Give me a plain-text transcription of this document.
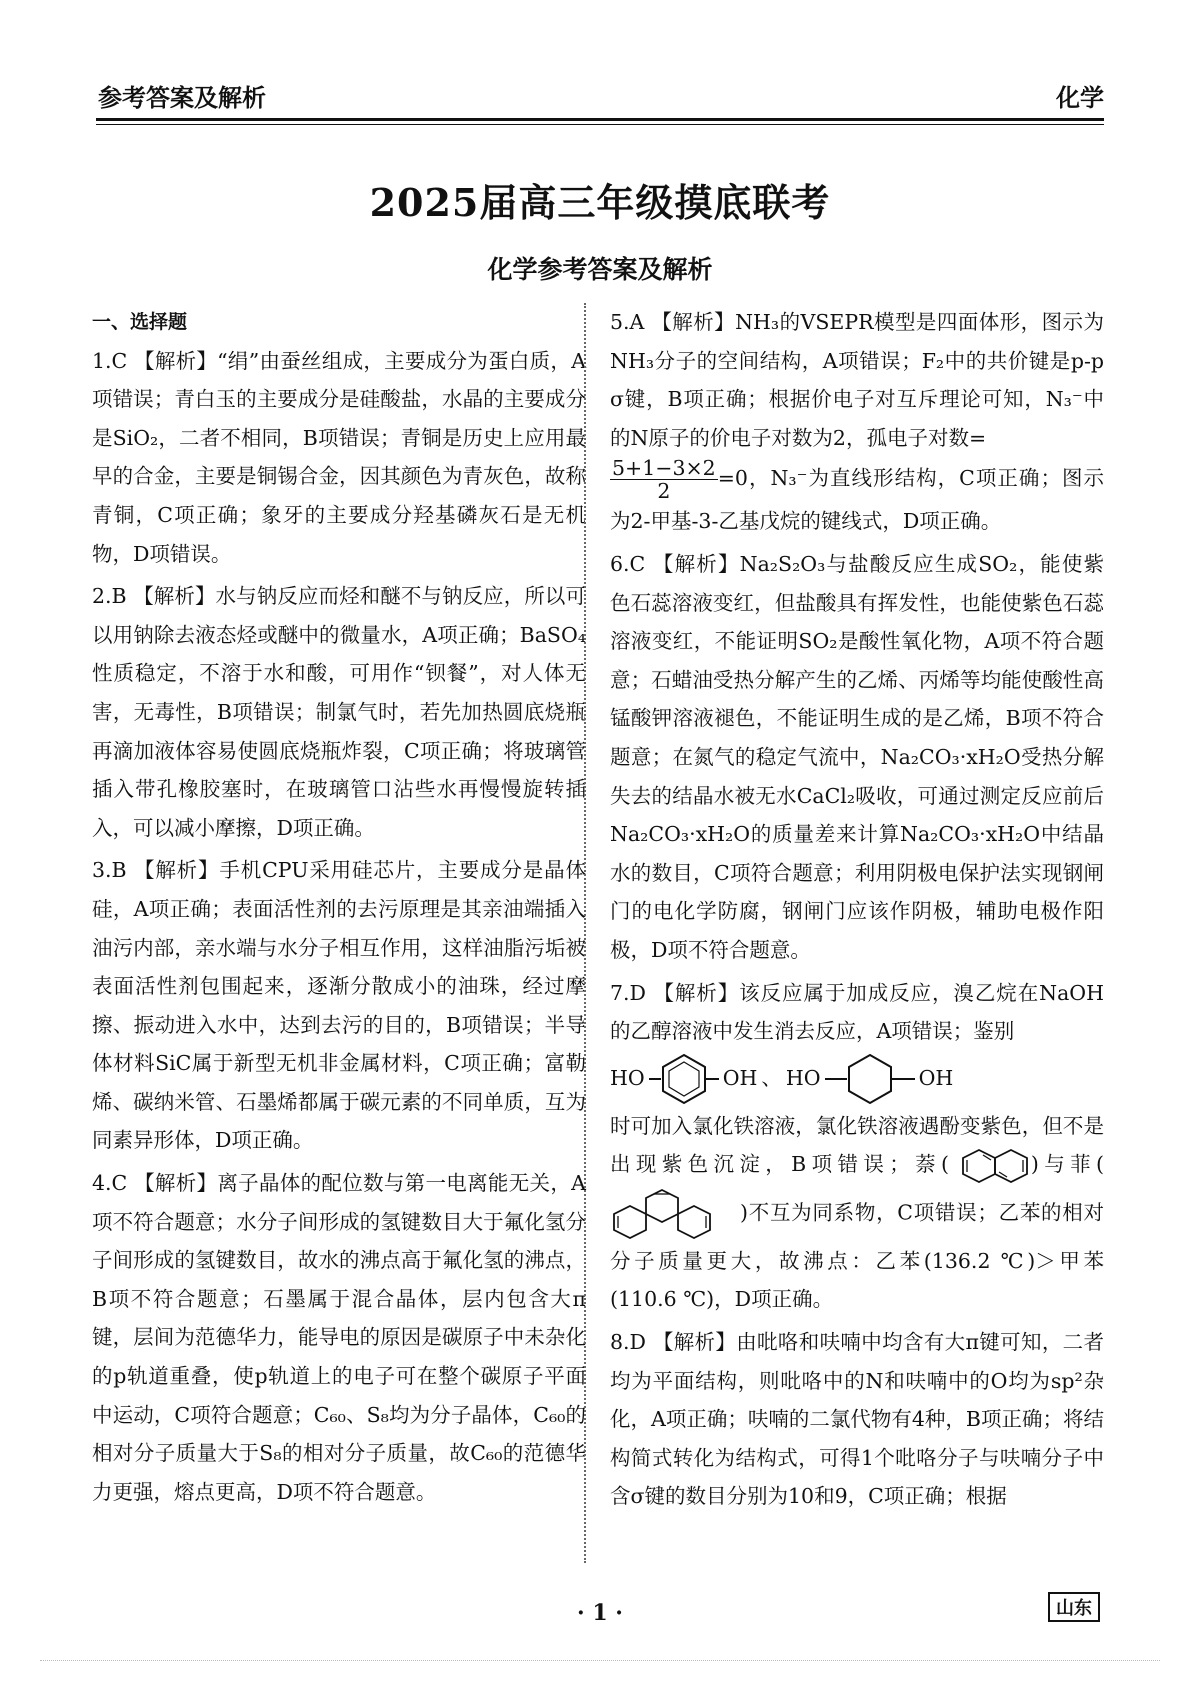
参考答案及解析	化学
2025届高三年级摸底联考
化学参考答案及解析
一、选择题

1.C 【解析】“绢”由蚕丝组成，主要成分为蛋白质，A项错误；青白玉的主要成分是硅酸盐，水晶的主要成分是SiO₂，二者不相同，B项错误；青铜是历史上应用最早的合金，主要是铜锡合金，因其颜色为青灰色，故称青铜，C项正确；象牙的主要成分羟基磷灰石是无机物，D项错误。

2.B 【解析】水与钠反应而烃和醚不与钠反应，所以可以用钠除去液态烃或醚中的微量水，A项正确；BaSO₄性质稳定，不溶于水和酸，可用作“钡餐”，对人体无害，无毒性，B项错误；制氯气时，若先加热圆底烧瓶再滴加液体容易使圆底烧瓶炸裂，C项正确；将玻璃管插入带孔橡胶塞时，在玻璃管口沾些水再慢慢旋转插入，可以减小摩擦，D项正确。

3.B 【解析】手机CPU采用硅芯片，主要成分是晶体硅，A项正确；表面活性剂的去污原理是其亲油端插入油污内部，亲水端与水分子相互作用，这样油脂污垢被表面活性剂包围起来，逐渐分散成小的油珠，经过摩擦、振动进入水中，达到去污的目的，B项错误；半导体材料SiC属于新型无机非金属材料，C项正确；富勒烯、碳纳米管、石墨烯都属于碳元素的不同单质，互为同素异形体，D项正确。

4.C 【解析】离子晶体的配位数与第一电离能无关，A项不符合题意；水分子间形成的氢键数目大于氟化氢分子间形成的氢键数目，故水的沸点高于氟化氢的沸点，B项不符合题意；石墨属于混合晶体，层内包含大π键，层间为范德华力，能导电的原因是碳原子中未杂化的p轨道重叠，使p轨道上的电子可在整个碳原子平面中运动，C项符合题意；C₆₀、S₈均为分子晶体，C₆₀的相对分子质量大于S₈的相对分子质量，故C₆₀的范德华力更强，熔点更高，D项不符合题意。

5.A 【解析】NH₃的VSEPR模型是四面体形，图示为NH₃分子的空间结构，A项错误；F₂中的共价键是p-p σ键，B项正确；根据价电子对互斥理论可知，N₃⁻中的N原子的价电子对数为2，孤电子对数=

$\frac{5+1-3\times 2}{2} =0$，N₃⁻为直线形结构，C项正确；图示为2-甲基-3-乙基戊烷的键线式，D项正确。

6.C 【解析】Na₂S₂O₃与盐酸反应生成SO₂，能使紫色石蕊溶液变红，但盐酸具有挥发性，也能使紫色石蕊溶液变红，不能证明SO₂是酸性氧化物，A项不符合题意；石蜡油受热分解产生的乙烯、丙烯等均能使酸性高锰酸钾溶液褪色，不能证明生成的是乙烯，B项不符合题意；在氮气的稳定气流中，Na₂CO₃·xH₂O受热分解失去的结晶水被无水CaCl₂吸收，可通过测定反应前后Na₂CO₃·xH₂O的质量差来计算Na₂CO₃·xH₂O中结晶水的数目，C项符合题意；利用阴极电保护法实现钢闸门的电化学防腐，钢闸门应该作阴极，辅助电极作阳极，D项不符合题意。

7.D 【解析】该反应属于加成反应，溴乙烷在NaOH的乙醇溶液中发生消去反应，A项错误；鉴别
HO	OH 、 HO	OH
时可加入氯化铁溶液，氯化铁溶液遇酚变紫色，但不是出现紫色沉淀，B项错误；萘(	)与菲( )不互为同系物，C项错误；乙苯的相对分子质量更大，故沸点：乙苯(136.2 ℃)＞甲苯(110.6 ℃)，D项正确。

8.D 【解析】由吡咯和呋喃中均含有大π键可知，二者均为平面结构，则吡咯中的N和呋喃中的O均为sp²杂化，A项正确；呋喃的二氯代物有4种，B项正确；将结构简式转化为结构式，可得1个吡咯分子与呋喃分子中含σ键的数目分别为10和9，C项正确；根据

· 1 ·	山东
